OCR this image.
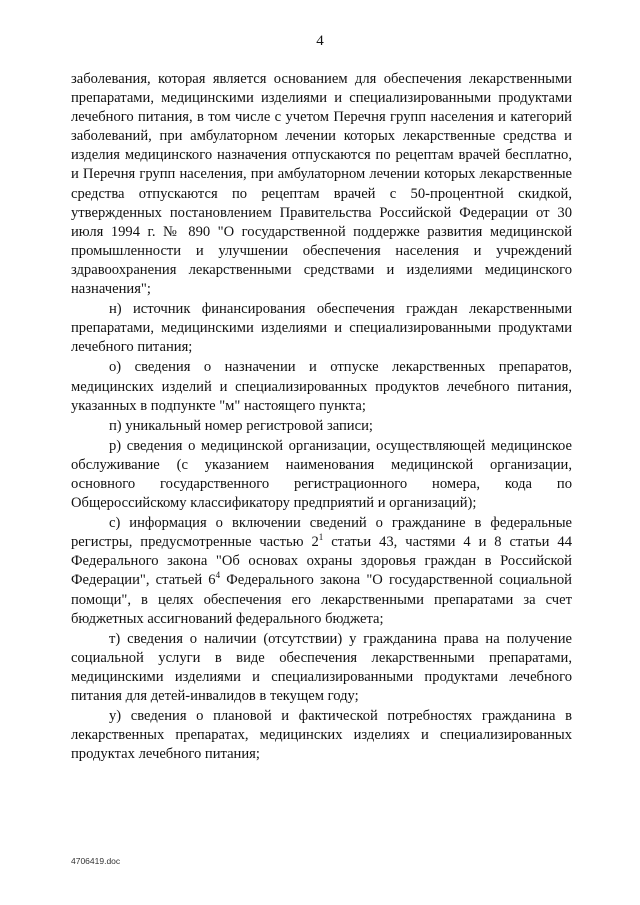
4

заболевания, которая является основанием для обеспечения лекарственными препаратами, медицинскими изделиями и специализированными продуктами лечебного питания, в том числе с учетом Перечня групп населения и категорий заболеваний, при амбулаторном лечении которых лекарственные средства и изделия медицинского назначения отпускаются по рецептам врачей бесплатно, и Перечня групп населения, при амбулаторном лечении которых лекарственные средства отпускаются по рецептам врачей с 50-процентной скидкой, утвержденных постановлением Правительства Российской Федерации от 30 июля 1994 г. № 890 "О государственной поддержке развития медицинской промышленности и улучшении обеспечения населения и учреждений здравоохранения лекарственными средствами и изделиями медицинского назначения";

н) источник финансирования обеспечения граждан лекарственными препаратами, медицинскими изделиями и специализированными продуктами лечебного питания;

о) сведения о назначении и отпуске лекарственных препаратов, медицинских изделий и специализированных продуктов лечебного питания, указанных в подпункте "м" настоящего пункта;

п) уникальный номер регистровой записи;

р) сведения о медицинской организации, осуществляющей медицинское обслуживание (с указанием наименования медицинской организации, основного государственного регистрационного номера, кода по Общероссийскому классификатору предприятий и организаций);

с) информация о включении сведений о гражданине в федеральные регистры, предусмотренные частью $2^1$ статьи 43, частями 4 и 8 статьи 44 Федерального закона "Об основах охраны здоровья граждан в Российской Федерации", статьей $6^4$ Федерального закона "О государственной социальной помощи", в целях обеспечения его лекарственными препаратами за счет бюджетных ассигнований федерального бюджета;

т) сведения о наличии (отсутствии) у гражданина права на получение социальной услуги в виде обеспечения лекарственными препаратами, медицинскими изделиями и специализированными продуктами лечебного питания для детей-инвалидов в текущем году;

у) сведения о плановой и фактической потребностях гражданина в лекарственных препаратах, медицинских изделиях и специализированных продуктах лечебного питания;

4706419.doc
